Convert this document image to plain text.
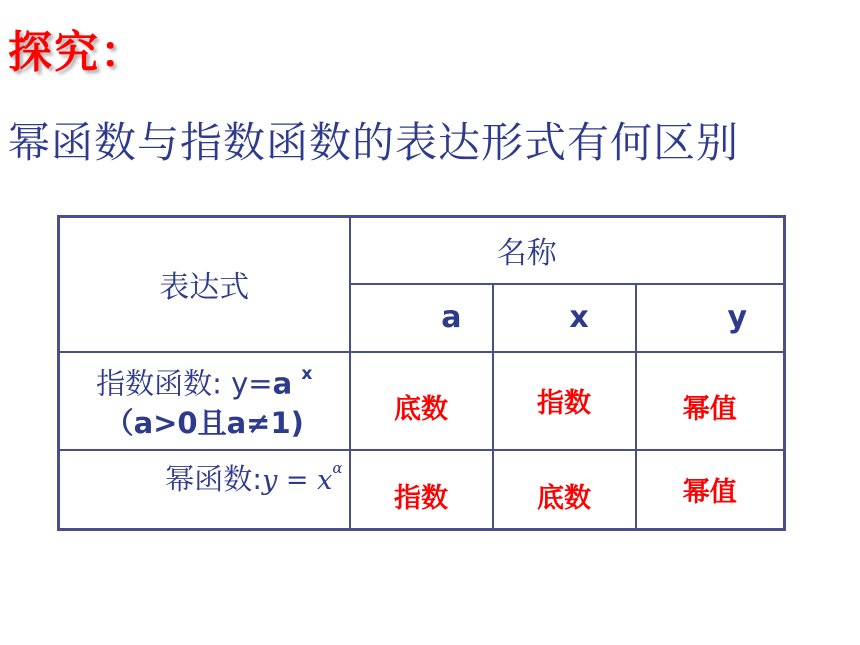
探究：
幂函数与指数函数的表达形式有何区别
表达式	名称		
	a	x	y

指数函数: y=a $^x$
（a>0且a≠1)	底数	指数	幂值
幂函数:y = $x^\alpha$	指数	底数	幂值
